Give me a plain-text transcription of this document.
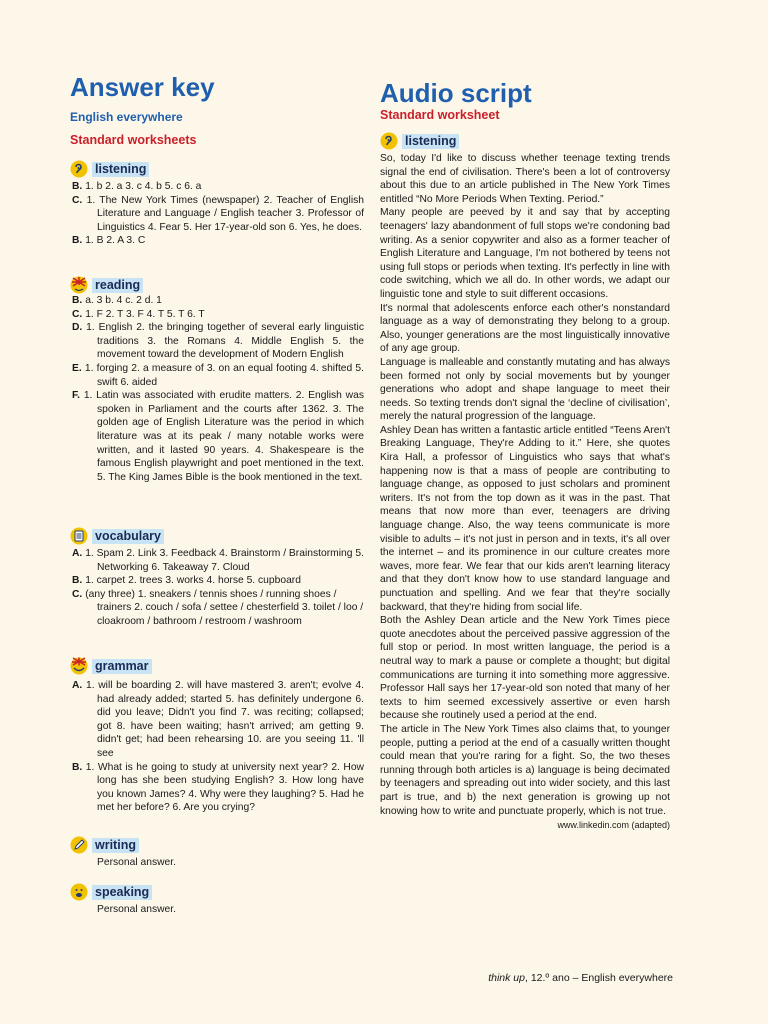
Answer key
English everywhere
Standard worksheets
listening
B. 1. b 2. a 3. c 4. b 5. c 6. a
C. 1. The New York Times (newspaper) 2. Teacher of English Literature and Language / English teacher 3. Professor of Linguistics 4. Fear 5. Her 17-year-old son 6. Yes, he does.
B. 1. B 2. A 3. C
reading
B. a. 3 b. 4 c. 2 d. 1
C. 1. F 2. T 3. F 4. T 5. T 6. T
D. 1. English 2. the bringing together of several early linguistic traditions 3. the Romans 4. Middle English 5. the movement toward the development of Modern English
E. 1. forging 2. a measure of 3. on an equal footing 4. shifted 5. swift 6. aided
F. 1. Latin was associated with erudite matters. 2. English was spoken in Parliament and the courts after 1362. 3. The golden age of English Literature was the period in which literature was at its peak / many notable works were written, and it lasted 90 years. 4. Shakespeare is the famous English playwright and poet mentioned in the text. 5. The King James Bible is the book mentioned in the text.
vocabulary
A. 1. Spam 2. Link 3. Feedback 4. Brainstorm / Brainstorming 5. Networking 6. Takeaway 7. Cloud
B. 1. carpet 2. trees 3. works 4. horse 5. cupboard
C. (any three) 1. sneakers / tennis shoes / running shoes / trainers 2. couch / sofa / settee / chesterfield 3. toilet / loo / cloakroom / bathroom / restroom / washroom
grammar
A. 1. will be boarding 2. will have mastered 3. aren't; evolve 4. had already added; started 5. has definitely undergone 6. did you leave; Didn't you find 7. was reciting; collapsed; got 8. have been waiting; hasn't arrived; am getting 9. didn't get; had been rehearsing 10. are you seeing 11. 'll see
B. 1. What is he going to study at university next year? 2. How long has she been studying English? 3. How long have you known James? 4. Why were they laughing? 5. Had he met her before? 6. Are you crying?
writing
Personal answer.
speaking
Personal answer.
Audio script
Standard worksheet
listening
So, today I'd like to discuss whether teenage texting trends signal the end of civilisation. There's been a lot of controversy about this due to an article published in The New York Times entitled “No More Periods When Texting. Period.”
Many people are peeved by it and say that by accepting teenagers' lazy abandonment of full stops we're condoning bad writing. As a senior copywriter and also as a former teacher of English Literature and Language, I'm not bothered by teens not using full stops or periods when texting. It's perfectly in line with code switching, which we all do. In other words, we adapt our linguistic tone and style to suit different occasions.
It's normal that adolescents enforce each other's nonstandard language as a way of demonstrating they belong to a group. Also, younger generations are the most linguistically innovative of any age group.
Language is malleable and constantly mutating and has always been formed not only by social movements but by younger generations who adopt and shape language to meet their needs. So texting trends don't signal the ‘decline of civilisation’, merely the natural progression of the language.
Ashley Dean has written a fantastic article entitled “Teens Aren't Breaking Language, They're Adding to it.” Here, she quotes Kira Hall, a professor of Linguistics who says that what's happening now is that a mass of people are contributing to language change, as opposed to just scholars and prominent writers. It's not from the top down as it was in the past. That means that now more than ever, teenagers are driving language change. Also, the way teens communicate is more visible to adults – it's not just in person and in texts, it's all over the internet – and its prominence in our culture creates more waves, more fear. We fear that our kids aren't learning literacy and that they don't know how to use standard language and punctuation and spelling. And we fear that they're socially backward, that they're hiding from social life.
Both the Ashley Dean article and the New York Times piece quote anecdotes about the perceived passive aggression of the full stop or period. In most written language, the period is a neutral way to mark a pause or complete a thought; but digital communications are turning it into something more aggressive. Professor Hall says her 17-year-old son noted that many of her texts to him seemed excessively assertive or even harsh because she routinely used a period at the end.
The article in The New York Times also claims that, to younger people, putting a period at the end of a casually written thought could mean that you're raring for a fight. So, the two theses running through both articles is a) language is being decimated by teenagers and spreading out into wider society, and this last part is true, and b) the next generation is growing up not knowing how to write and punctuate properly, which is not true.
www.linkedin.com (adapted)
think up, 12.º ano – English everywhere
